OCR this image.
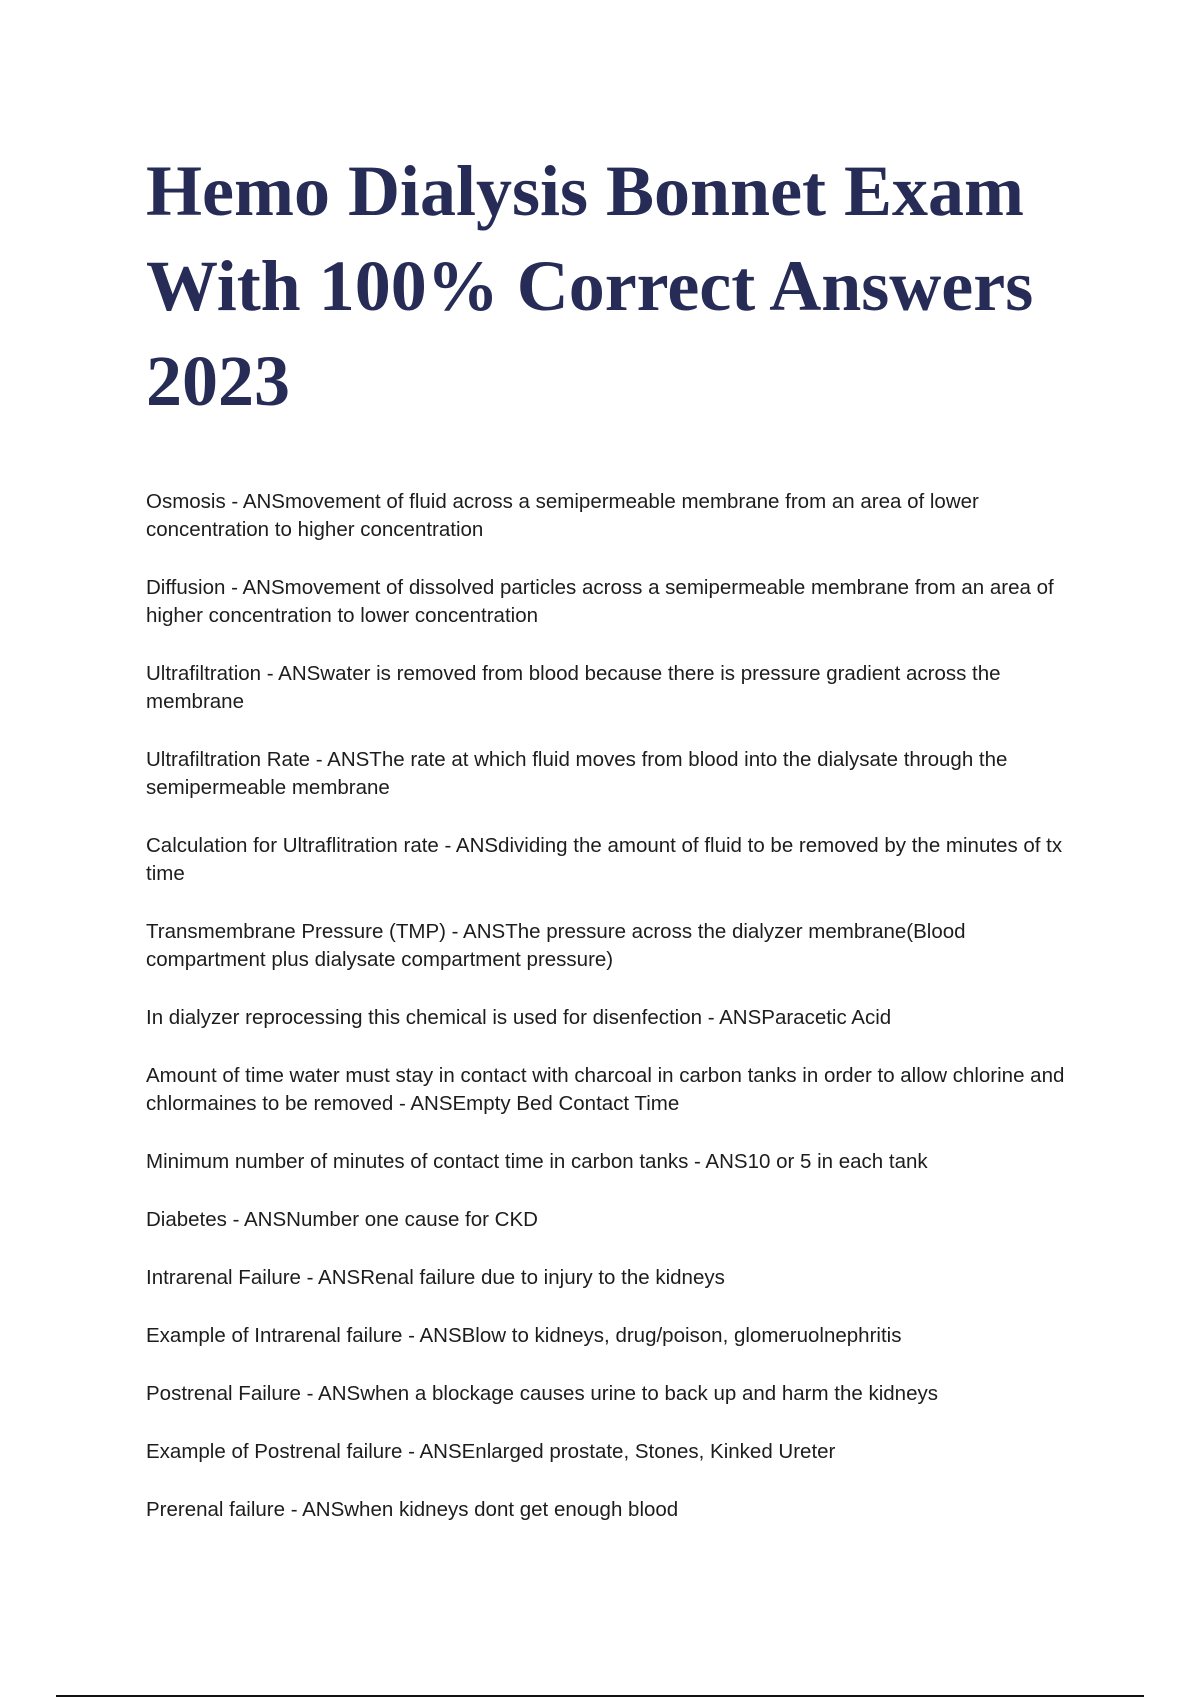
Hemo Dialysis Bonnet Exam
With 100% Correct Answers
2023
Osmosis - ANSmovement of fluid across a semipermeable membrane from an area of lower concentration to higher concentration
Diffusion - ANSmovement of dissolved particles across a semipermeable membrane from an area of higher concentration to lower concentration
Ultrafiltration - ANSwater is removed from blood because there is pressure gradient across the membrane
Ultrafiltration Rate - ANSThe rate at which fluid moves from blood into the dialysate through the semipermeable membrane
Calculation for Ultraflitration rate - ANSdividing the amount of fluid to be removed by the minutes of tx time
Transmembrane Pressure (TMP) - ANSThe pressure across the dialyzer membrane(Blood compartment plus dialysate compartment pressure)
In dialyzer reprocessing this chemical is used for disenfection - ANSParacetic Acid
Amount of time water must stay in contact with charcoal in carbon tanks in order to allow chlorine and chlormaines to be removed - ANSEmpty Bed Contact Time
Minimum number of minutes of contact time in carbon tanks - ANS10 or 5 in each tank
Diabetes - ANSNumber one cause for CKD
Intrarenal Failure - ANSRenal failure due to injury to the kidneys
Example of Intrarenal failure - ANSBlow to kidneys, drug/poison, glomeruolnephritis
Postrenal Failure - ANSwhen a blockage causes urine to back up and harm the kidneys
Example of Postrenal failure - ANSEnlarged prostate, Stones, Kinked Ureter
Prerenal failure - ANSwhen kidneys dont get enough blood
